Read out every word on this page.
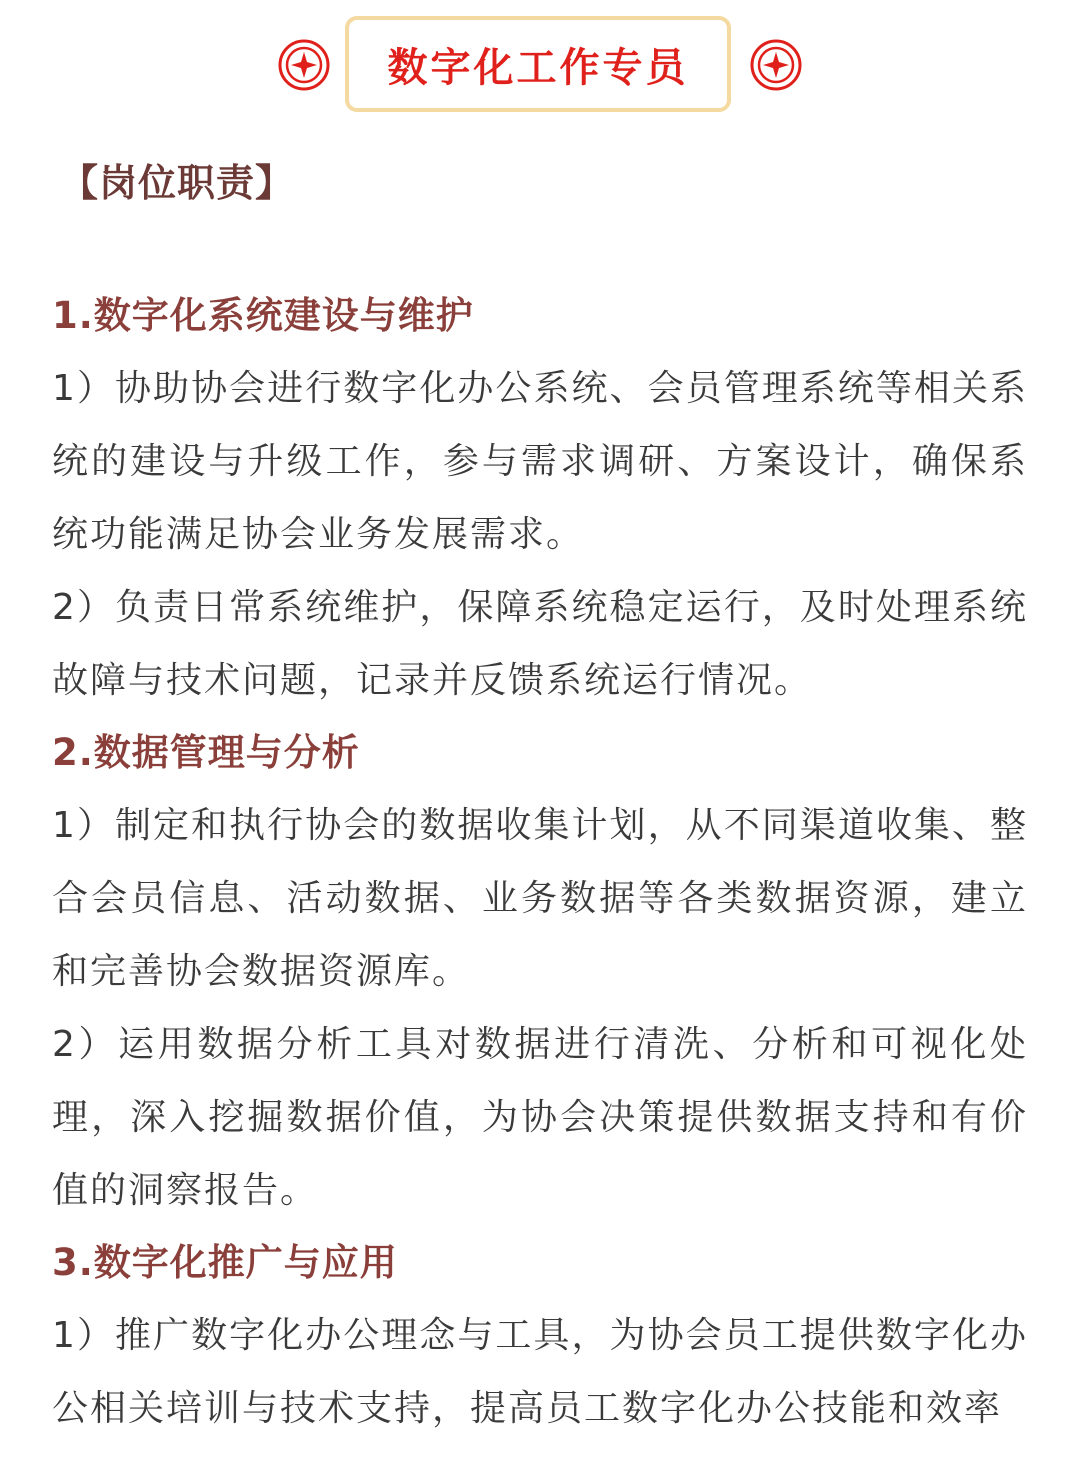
数字化工作专员
【岗位职责】
1.数字化系统建设与维护
1）协助协会进行数字化办公系统、会员管理系统等相关系统的建设与升级工作，参与需求调研、方案设计，确保系统功能满足协会业务发展需求。
2）负责日常系统维护，保障系统稳定运行，及时处理系统故障与技术问题，记录并反馈系统运行情况。
2.数据管理与分析
1）制定和执行协会的数据收集计划，从不同渠道收集、整合会员信息、活动数据、业务数据等各类数据资源，建立和完善协会数据资源库。
2）运用数据分析工具对数据进行清洗、分析和可视化处理，深入挖掘数据价值，为协会决策提供数据支持和有价值的洞察报告。
3.数字化推广与应用
1）推广数字化办公理念与工具，为协会员工提供数字化办公相关培训与技术支持，提高员工数字化办公技能和效率
